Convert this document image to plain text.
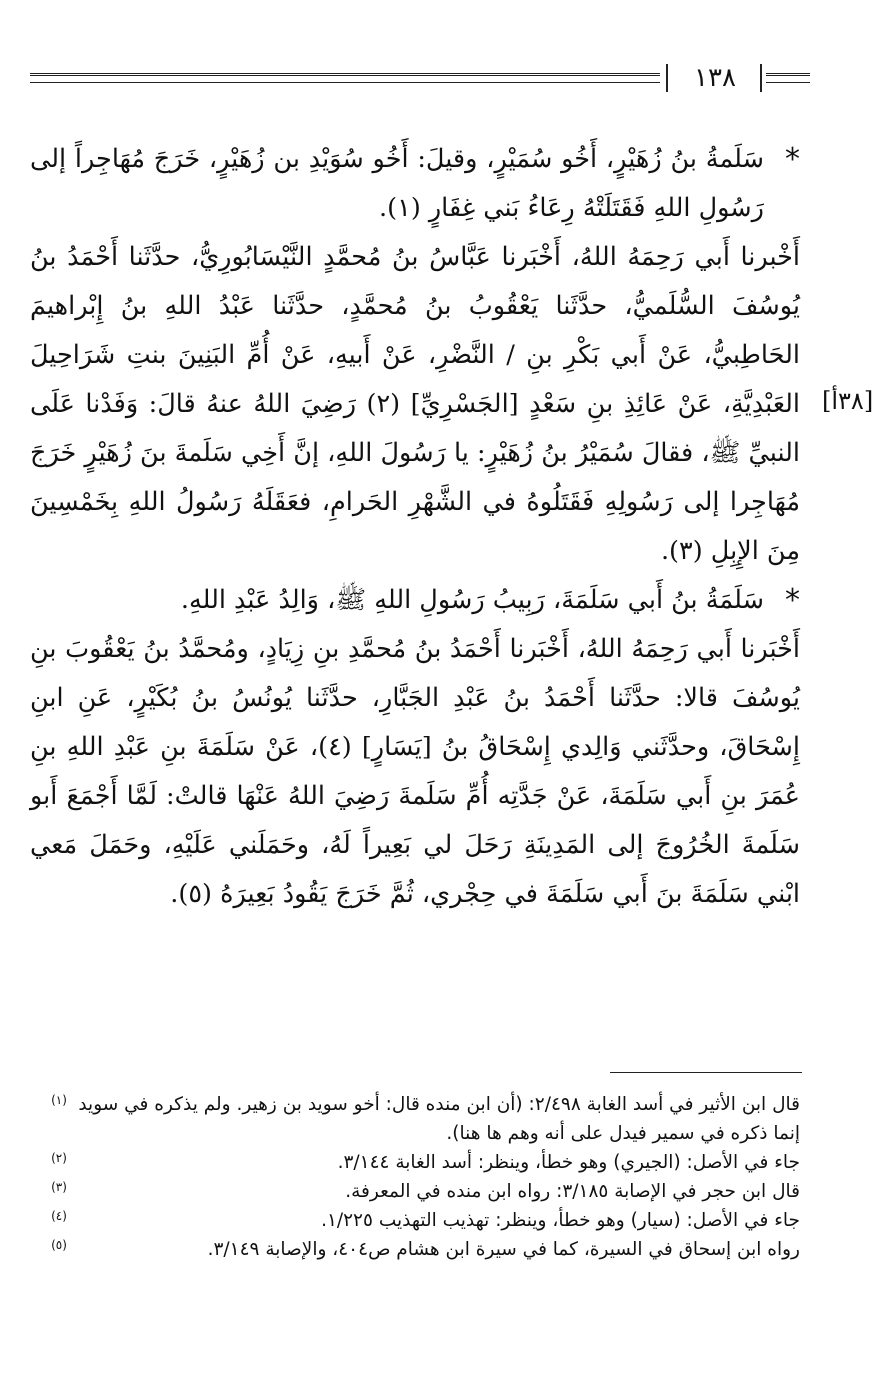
١٣٨
[٣٨أ]

*
سَلَمةُ بنُ زُهَيْرٍ، أَخُو سُمَيْرٍ، وقيلَ: أَخُو سُوَيْدِ بن زُهَيْرٍ، خَرَجَ مُهَاجِراً إلى رَسُولِ اللهِ فَقَتَلَتْهُ رِعَاءُ بَني غِفَارٍ (١).

أَخْبرنا أَبي رَحِمَهُ اللهُ، أَخْبَرنا عَبَّاسُ بنُ مُحمَّدٍ النَّيْسَابُورِيُّ، حدَّثَنا أَحْمَدُ بنُ يُوسُفَ السُّلَميُّ، حدَّثَنا يَعْقُوبُ بنُ مُحمَّدٍ، حدَّثَنا عَبْدُ اللهِ بنُ إِبْراهيمَ الحَاطِبيُّ، عَنْ أَبي بَكْرِ بنِ / النَّضْرِ، عَنْ أَبيهِ، عَنْ أُمِّ البَنِينَ بنتِ شَرَاحِيلَ العَبْدِيَّةِ، عَنْ عَائِذِ بنِ سَعْدٍ [الجَسْرِيِّ] (٢) رَضِيَ اللهُ عنهُ قالَ: وَفَدْنا عَلَى النبيِّ ﷺ، فقالَ سُمَيْرُ بنُ زُهَيْرٍ: يا رَسُولَ اللهِ، إنَّ أَخِي سَلَمةَ بنَ زُهَيْرٍ خَرَجَ مُهَاجِرا إلى رَسُولِهِ فَقَتَلُوهُ في الشَّهْرِ الحَرامِ، فعَقَلَهُ رَسُولُ اللهِ بِخَمْسِينَ مِنَ الإِبِلِ (٣).

*
سَلَمَةُ بنُ أَبي سَلَمَةَ، رَبِيبُ رَسُولِ اللهِ ﷺ، وَالِدُ عَبْدِ اللهِ.

أَخْبَرنا أَبي رَحِمَهُ اللهُ، أَخْبَرنا أَحْمَدُ بنُ مُحمَّدِ بنِ زِيَادٍ، ومُحمَّدُ بنُ يَعْقُوبَ بنِ يُوسُفَ قالا: حدَّثَنا أَحْمَدُ بنُ عَبْدِ الجَبَّارِ، حدَّثَنا يُونُسُ بنُ بُكَيْرٍ، عَنِ ابنِ إِسْحَاقَ، وحدَّثَني وَالِدي إِسْحَاقُ بنُ [يَسَارٍ] (٤)، عَنْ سَلَمَةَ بنِ عَبْدِ اللهِ بنِ عُمَرَ بنِ أَبي سَلَمَةَ، عَنْ جَدَّتِه أُمِّ سَلَمةَ رَضِيَ اللهُ عَنْهَا قالتْ: لَمَّا أَجْمَعَ أَبو سَلَمةَ الخُرُوجَ إلى المَدِينَةِ رَحَلَ لي بَعِيراً لَهُ، وحَمَلَني عَلَيْهِ، وحَمَلَ مَعي ابْني سَلَمَةَ بنَ أَبي سَلَمَةَ في حِجْري، ثُمَّ خَرَجَ يَقُودُ بَعِيرَهُ (٥).

(١) قال ابن الأثير في أسد الغابة ٢/٤٩٨: (أن ابن منده قال: أخو سويد بن زهير. ولم يذكره في سويد إنما ذكره في سمير فيدل على أنه وهم ها هنا).
(٢)	جاء في الأصل: (الجيري) وهو خطأ، وينظر: أسد الغابة ٣/١٤٤.
(٣)	قال ابن حجر في الإصابة ٣/١٨٥: رواه ابن منده في المعرفة.
(٤)	جاء في الأصل: (سيار) وهو خطأ، وينظر: تهذيب التهذيب ١/٢٢٥.
(٥)	رواه ابن إسحاق في السيرة، كما في سيرة ابن هشام ص٤٠٤، والإصابة ٣/١٤٩.
